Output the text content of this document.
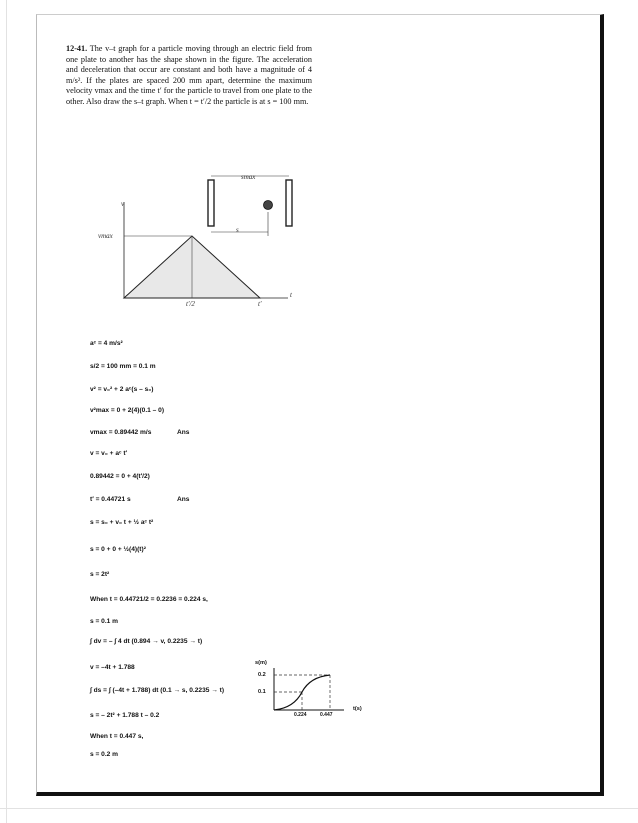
12-41. The v–t graph for a particle moving through an electric field from one plate to another has the shape shown in the figure. The acceleration and deceleration that occur are constant and both have a magnitude of 4 m/s². If the plates are spaced 200 mm apart, determine the maximum velocity vmax and the time t′ for the particle to travel from one plate to the other. Also draw the s–t graph. When t = t′/2 the particle is at s = 100 mm.
smax
s
v
vmax
t′/2	t′
t
aᶜ = 4 m/s²
s/2 = 100 mm = 0.1 m
v² = v₀² + 2 aᶜ(s – s₀)
v²max = 0 + 2(4)(0.1 – 0)
vmax = 0.89442 m/s	Ans
v = v₀ + aᶜ t′
0.89442 = 0 + 4(t′/2)
t′ = 0.44721 s	Ans
s = s₀ + v₀ t + ½ aᶜ t²
s = 0 + 0 + ½(4)(t)²
s = 2t²
When t = 0.44721/2 = 0.2236 = 0.224 s,
s = 0.1 m
∫ dv = – ∫ 4 dt (0.894 → v, 0.2235 → t)
v = –4t + 1.788
∫ ds = ∫ (–4t + 1.788) dt (0.1 → s, 0.2235 → t)
s = – 2t² + 1.788 t – 0.2
When t = 0.447 s,
s = 0.2 m
s(m)
t(s)
0.2
0.1
0.224	0.447
